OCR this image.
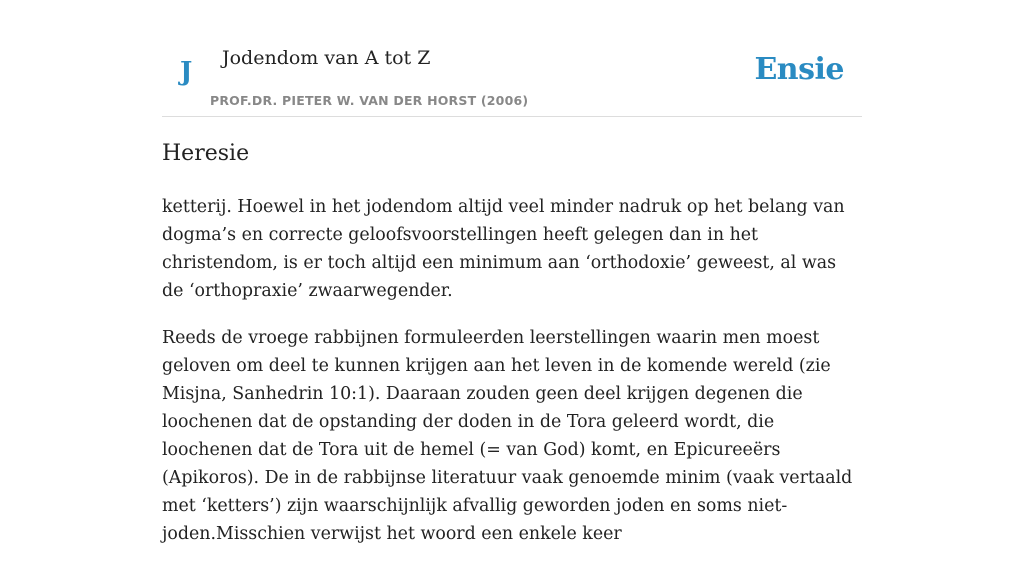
J Jodendom van A tot Z
PROF.DR. PIETER W. VAN DER HORST (2006)
Ensie
Heresie

ketterij. Hoewel in het jodendom altijd veel minder nadruk op het belang van dogma’s en correcte geloofsvoorstellingen heeft gelegen dan in het christendom, is er toch altijd een minimum aan ‘orthodoxie’ geweest, al was de ‘orthopraxie’ zwaarwegender.

Reeds de vroege rabbijnen formuleerden leerstellingen waarin men moest geloven om deel te kunnen krijgen aan het leven in de komende wereld (zie Misjna, Sanhedrin 10:1). Daaraan zouden geen deel krijgen degenen die loochenen dat de opstanding der doden in de Tora geleerd wordt, die loochenen dat de Tora uit de hemel (= van God) komt, en Epicureeërs (Apikoros). De in de rabbijnse literatuur vaak genoemde minim (vaak vertaald met ‘ketters’) zijn waarschijnlijk afvallig geworden joden en soms niet-joden.Misschien verwijst het woord een enkele keer
